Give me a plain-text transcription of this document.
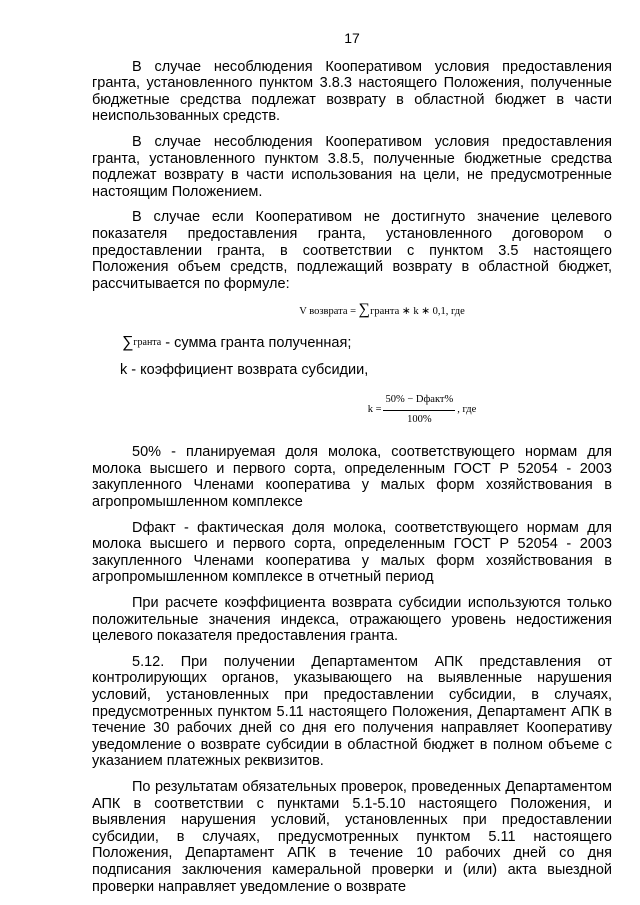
17

В случае несоблюдения Кооперативом условия предоставления гранта, установленного пунктом 3.8.3 настоящего Положения, полученные бюджетные средства подлежат возврату в областной бюджет в части неиспользованных средств.

В случае несоблюдения Кооперативом условия предоставления гранта, установленного пунктом 3.8.5, полученные бюджетные средства подлежат возврату в части использования на цели, не предусмотренные настоящим Положением.

В случае если Кооперативом не достигнуто значение целевого показателя предоставления гранта, установленного договором о предоставлении гранта, в соответствии с пунктом 3.5 настоящего Положения объем средств, подлежащий возврату в областной бюджет, рассчитывается по формуле:

V возврата = ∑гранта ∗ k ∗ 0,1, где
∑гранта - сумма гранта полученная;
k - коэффициент возврата субсидии,
$k = \frac{\text{50\% − Dфакт\%}}{100\%}$ , где

50% - планируемая доля молока, соответствующего нормам для молока высшего и первого сорта, определенным ГОСТ Р 52054 - 2003 закупленного Членами кооператива у малых форм хозяйствования в агропромышленном комплексе

Dфакт - фактическая доля молока, соответствующего нормам для молока высшего и первого сорта, определенным ГОСТ Р 52054 - 2003 закупленного Членами кооператива у малых форм хозяйствования в агропромышленном комплексе в отчетный период

При расчете коэффициента возврата субсидии используются только положительные значения индекса, отражающего уровень недостижения целевого показателя предоставления гранта.

5.12. При получении Департаментом АПК представления от контролирующих органов, указывающего на выявленные нарушения условий, установленных при предоставлении субсидии, в случаях, предусмотренных пунктом 5.11 настоящего Положения, Департамент АПК в течение 30 рабочих дней со дня его получения направляет Кооперативу уведомление о возврате субсидии в областной бюджет в полном объеме с указанием платежных реквизитов.

По результатам обязательных проверок, проведенных Департаментом АПК в соответствии с пунктами 5.1-5.10 настоящего Положения, и выявления нарушения условий, установленных при предоставлении субсидии, в случаях, предусмотренных пунктом 5.11 настоящего Положения, Департамент АПК в течение 10 рабочих дней со дня подписания заключения камеральной проверки и (или) акта выездной проверки направляет уведомление о возврате
